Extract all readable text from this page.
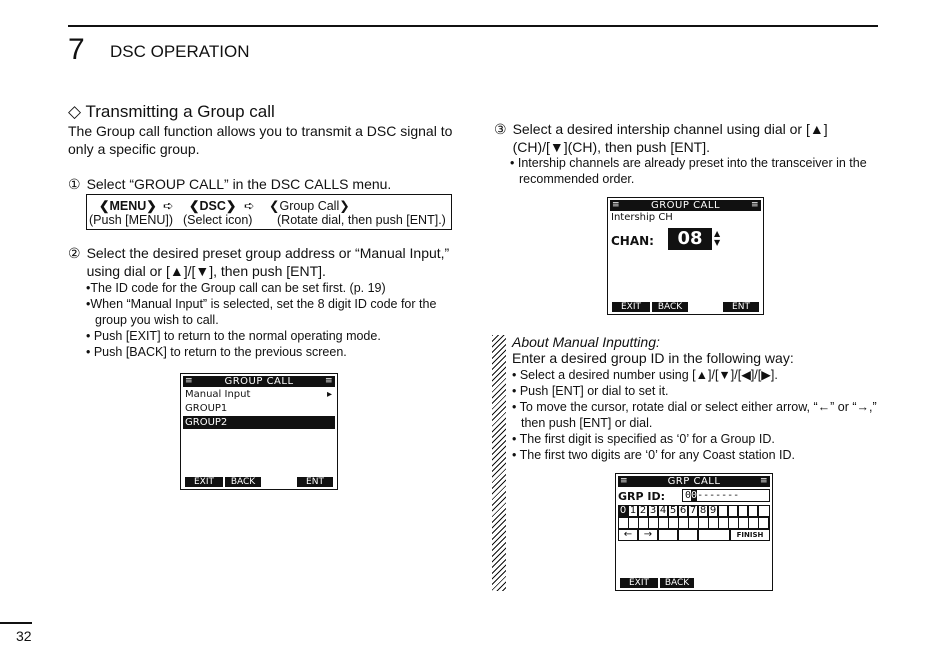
7 DSC OPERATION
◇ Transmitting a Group call
The Group call function allows you to transmit a DSC signal to only a specific group.
① Select “GROUP CALL” in the DSC CALLS menu.
❮MENU❯ ➪ ❮DSC❯ ➪ ❮Group Call❯
(Push [MENU]) (Select icon) (Rotate dial, then push [ENT].)
② Select the desired preset group address or “Manual Input,” using dial or [▲]/[▼], then push [ENT].
•The ID code for the Group call can be set first. (p. 19)
•When “Manual Input” is selected, set the 8 digit ID code for the group you wish to call.
• Push [EXIT] to return to the normal operating mode.
• Push [BACK] to return to the previous screen.
≡	GROUP CALL	≡
Manual Input	▸
GROUP1
GROUP2
EXIT	BACK	ENT
③ Select a desired intership channel using dial or [▲](CH)/[▼](CH), then push [ENT].
• Intership channels are already preset into the transceiver in the recommended order.
≡	GROUP CALL	≡
Intership CH
CHAN:	08	▲
▼
EXIT	BACK	ENT
About Manual Inputting:
Enter a desired group ID in the following way:
• Select a desired number using [▲]/[▼]/[◀]/[▶].
• Push [ENT] or dial to set it.
• To move the cursor, rotate dial or select either arrow, “←” or “→,” then push [ENT] or dial.
• The first digit is specified as ‘0’ for a Group ID.
• The first two digits are ‘0’ for any Coast station ID.
≡	GRP CALL	≡
GRP ID:	00-------
0 1 2 3 4 5 6 7 8 9
←	→	FINISH
EXIT	BACK
32
